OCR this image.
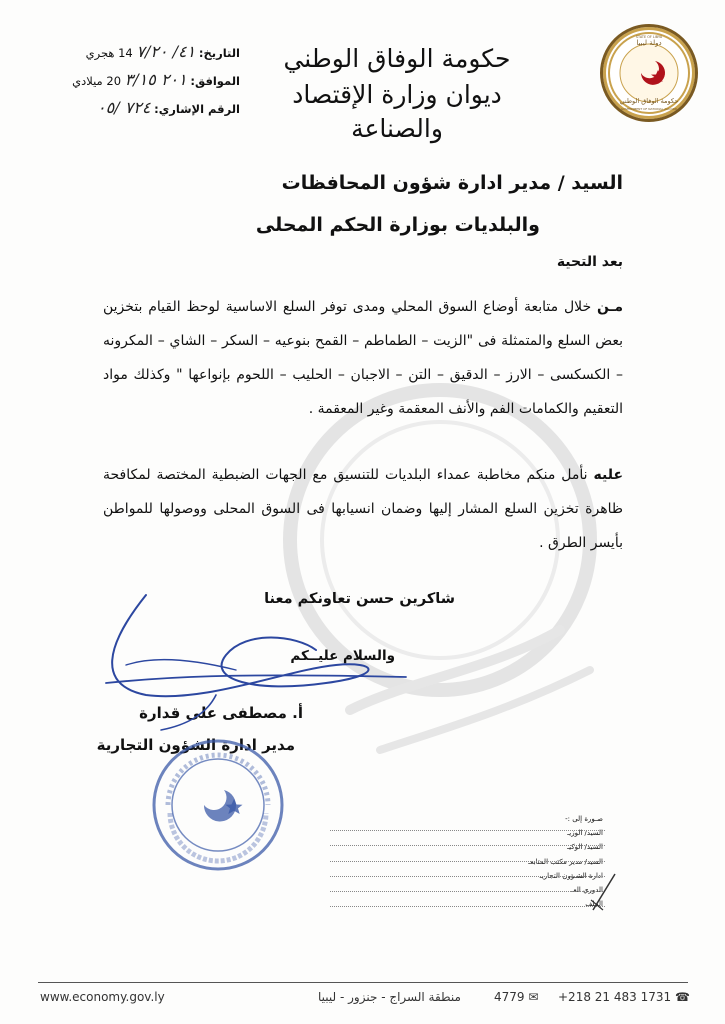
دولة ليبيا
STATE OF LIBYA
حكومة الوفاق الوطني
GOVERNMENT OF NATIONAL ACCORD
حكومة الوفاق الوطني
ديوان وزارة الإقتصاد والصناعة
التاريخ: ٤١/ ٧/٢٠ 14 هجري
الموافق: ٢٠١ ٣/١٥ 20 ميلادي
الرقم الإشاري: ٧٢٤ /٠٥
السيد / مدير ادارة شؤون المحافظات
والبلديات بوزارة الحكم المحلى
بعد التحية
مـن خلال متابعة أوضاع السوق المحلي ومدى توفر السلع الاساسية لوحظ القيام بتخزين بعض السلع والمتمثلة فى "الزيت – الطماطم – القمح بنوعيه – السكر – الشاي – المكرونه – الكسكسى – الارز – الدقيق – التن – الاجبان – الحليب – اللحوم بإنواعها " وكذلك مواد التعقيم والكمامات الفم والأنف المعقمة وغير المعقمة .
عليه نأمل منكم مخاطبة عمداء البلديات للتنسيق مع الجهات الضبطية المختصة لمكافحة ظاهرة تخزين السلع المشار إليها وضمان انسيابها فى السوق المحلى ووصولها للمواطن بأيسر الطرق .
شاكرين حسن تعاونكم معنا
والسلام عليــكم
أ. مصطفى على قدارة
مدير ادارة الشؤون التجارية
صـورة إلى :-
السيد/ الوزيـ
السيد/ الوكيـ
السيد/ مدير مكتب المتابعـ
ادارة الشـؤون التجاريـ
الدوري العـ
الملف
www.economy.gov.ly	منطقة السراج - جنزور - ليبيا	4779 ✉ +218 21 483 1731 ☎
